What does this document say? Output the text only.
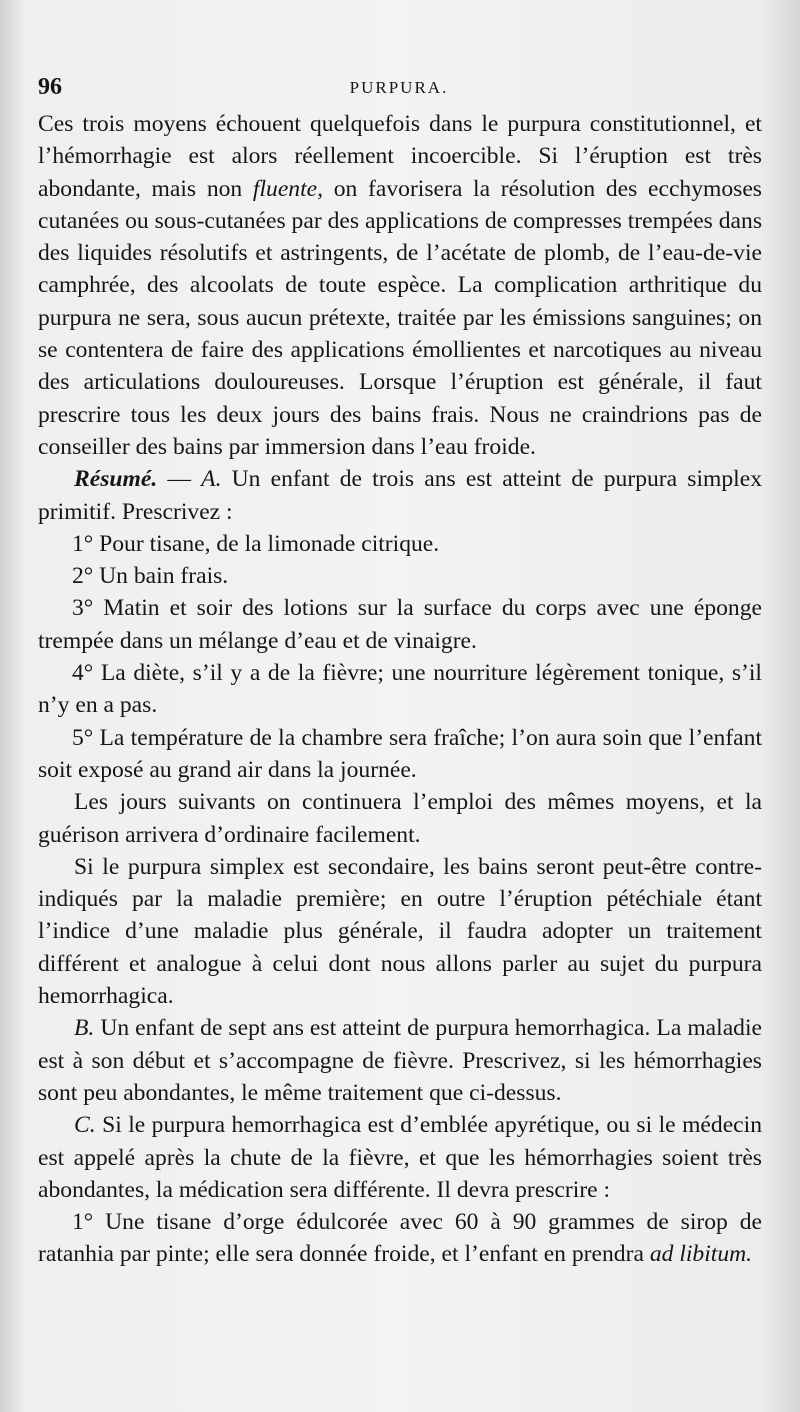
96	PURPURA.

Ces trois moyens échouent quelquefois dans le purpura constitutionnel, et l’hémorrhagie est alors réellement incoercible. Si l’éruption est très abondante, mais non fluente, on favorisera la résolution des ecchymoses cutanées ou sous-cutanées par des applications de compresses trempées dans des liquides résolutifs et astringents, de l’acétate de plomb, de l’eau-de-vie camphrée, des alcoolats de toute espèce. La complication arthritique du purpura ne sera, sous aucun prétexte, traitée par les émissions sanguines; on se contentera de faire des applications émollientes et narcotiques au niveau des articulations douloureuses. Lorsque l’éruption est générale, il faut prescrire tous les deux jours des bains frais. Nous ne craindrions pas de conseiller des bains par immersion dans l’eau froide.

Résumé. — A. Un enfant de trois ans est atteint de purpura simplex primitif. Prescrivez :

1° Pour tisane, de la limonade citrique.

2° Un bain frais.

3° Matin et soir des lotions sur la surface du corps avec une éponge trempée dans un mélange d’eau et de vinaigre.

4° La diète, s’il y a de la fièvre; une nourriture légèrement tonique, s’il n’y en a pas.

5° La température de la chambre sera fraîche; l’on aura soin que l’enfant soit exposé au grand air dans la journée.

Les jours suivants on continuera l’emploi des mêmes moyens, et la guérison arrivera d’ordinaire facilement.

Si le purpura simplex est secondaire, les bains seront peut-être contre-indiqués par la maladie première; en outre l’éruption pétéchiale étant l’indice d’une maladie plus générale, il faudra adopter un traitement différent et analogue à celui dont nous allons parler au sujet du purpura hemorrhagica.

B. Un enfant de sept ans est atteint de purpura hemorrhagica. La maladie est à son début et s’accompagne de fièvre. Prescrivez, si les hémorrhagies sont peu abondantes, le même traitement que ci-dessus.

C. Si le purpura hemorrhagica est d’emblée apyrétique, ou si le médecin est appelé après la chute de la fièvre, et que les hémorrhagies soient très abondantes, la médication sera différente. Il devra prescrire :

1° Une tisane d’orge édulcorée avec 60 à 90 grammes de sirop de ratanhia par pinte; elle sera donnée froide, et l’enfant en prendra ad libitum.
